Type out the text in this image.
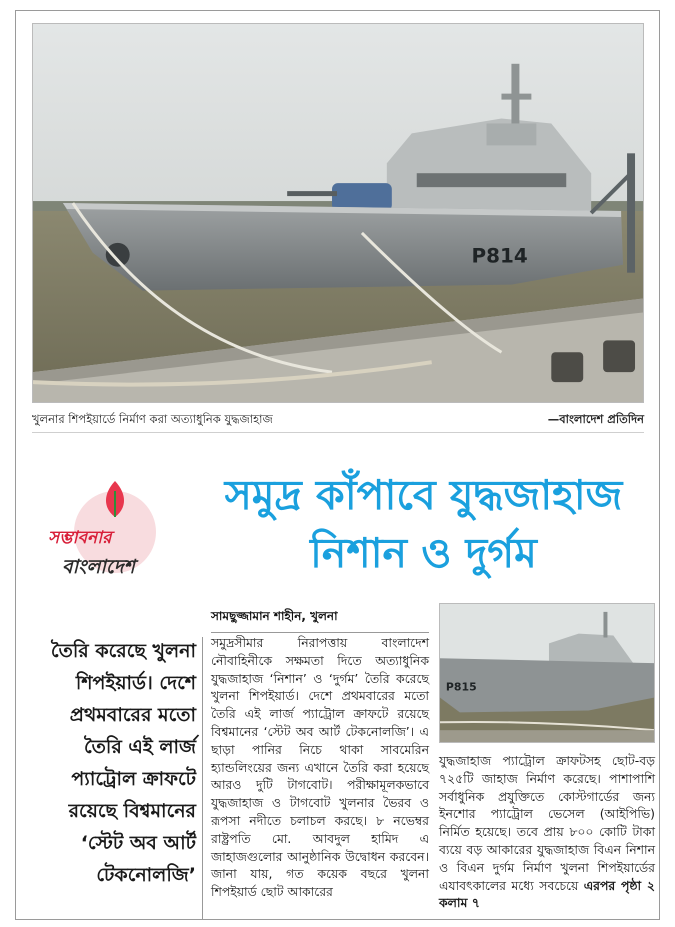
P814
খুলনার শিপইয়ার্ডে নির্মাণ করা অত্যাধুনিক যুদ্ধজাহাজ	—বাংলাদেশ প্রতিদিন
সম্ভাবনার
বাংলাদেশ
সমুদ্র কাঁপাবে যুদ্ধজাহাজ
নিশান ও দুর্গম
সামছুজ্জামান শাহীন, খুলনা
তৈরি করেছে খুলনা শিপইয়ার্ড। দেশে প্রথমবারের মতো তৈরি এই লার্জ প্যাট্রোল ক্রাফটে রয়েছে বিশ্বমানের ‘স্টেট অব আর্ট টেকনোলজি’
সমুদ্রসীমার নিরাপত্তায় বাংলাদেশ নৌবাহিনীকে সক্ষমতা দিতে অত্যাধুনিক যুদ্ধজাহাজ ‘নিশান’ ও ‘দুর্গম’ তৈরি করেছে খুলনা শিপইয়ার্ড। দেশে প্রথমবারের মতো তৈরি এই লার্জ প্যাট্রোল ক্রাফটে রয়েছে বিশ্বমানের ‘স্টেট অব আর্ট টেকনোলজি’। এ ছাড়া পানির নিচে থাকা সাবমেরিন হ্যান্ডলিংয়ের জন্য এখানে তৈরি করা হয়েছে আরও দুটি টাগবোট। পরীক্ষামূলকভাবে যুদ্ধজাহাজ ও টাগবোট খুলনার ভৈরব ও রূপসা নদীতে চলাচল করছে। ৮ নভেম্বর রাষ্ট্রপতি মো. আবদুল হামিদ এ জাহাজগুলোর আনুষ্ঠানিক উদ্বোধন করবেন। জানা যায়, গত কয়েক বছরে খুলনা শিপইয়ার্ড ছোট আকারের
P815
যুদ্ধজাহাজ প্যাট্রোল ক্রাফটসহ ছোট-বড় ৭২৫টি জাহাজ নির্মাণ করেছে। পাশাপাশি সর্বাধুনিক প্রযুক্তিতে কোস্টগার্ডের জন্য ইনশোর প্যাট্রোল ভেসেল (আইপিভি) নির্মিত হয়েছে। তবে প্রায় ৮০০ কোটি টাকা ব্যয়ে বড় আকারের যুদ্ধজাহাজ বিএন নিশান ও বিএন দুর্গম নির্মাণ খুলনা শিপইয়ার্ডের এযাবৎকালের মধ্যে সবচেয়ে এরপর পৃষ্ঠা ২ কলাম ৭
